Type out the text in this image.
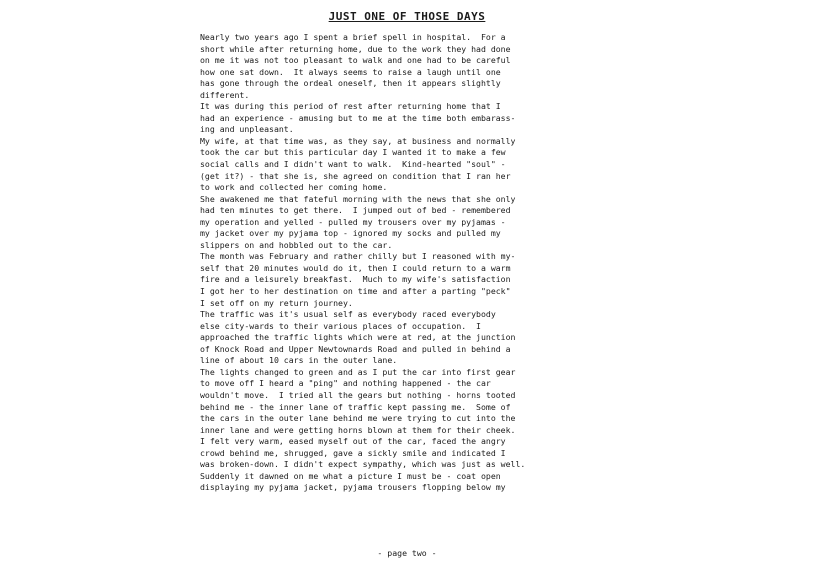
JUST ONE OF THOSE DAYS
Nearly two years ago I spent a brief spell in hospital.  For a
short while after returning home, due to the work they had done
on me it was not too pleasant to walk and one had to be careful
how one sat down.  It always seems to raise a laugh until one
has gone through the ordeal oneself, then it appears slightly
different.
It was during this period of rest after returning home that I
had an experience - amusing but to me at the time both embarass-
ing and unpleasant.
My wife, at that time was, as they say, at business and normally
took the car but this particular day I wanted it to make a few
social calls and I didn't want to walk.  Kind-hearted "soul" -
(get it?) - that she is, she agreed on condition that I ran her
to work and collected her coming home.
She awakened me that fateful morning with the news that she only
had ten minutes to get there.  I jumped out of bed - remembered
my operation and yelled - pulled my trousers over my pyjamas -
my jacket over my pyjama top - ignored my socks and pulled my
slippers on and hobbled out to the car.
The month was February and rather chilly but I reasoned with my-
self that 20 minutes would do it, then I could return to a warm
fire and a leisurely breakfast.  Much to my wife's satisfaction
I got her to her destination on time and after a parting "peck"
I set off on my return journey.
The traffic was it's usual self as everybody raced everybody
else city-wards to their various places of occupation.  I
approached the traffic lights which were at red, at the junction
of Knock Road and Upper Newtownards Road and pulled in behind a
line of about 10 cars in the outer lane.
The lights changed to green and as I put the car into first gear
to move off I heard a "ping" and nothing happened - the car
wouldn't move.  I tried all the gears but nothing - horns tooted
behind me - the inner lane of traffic kept passing me.  Some of
the cars in the outer lane behind me were trying to cut into the
inner lane and were getting horns blown at them for their cheek.
I felt very warm, eased myself out of the car, faced the angry
crowd behind me, shrugged, gave a sickly smile and indicated I
was broken-down. I didn't expect sympathy, which was just as well.
Suddenly it dawned on me what a picture I must be - coat open
displaying my pyjama jacket, pyjama trousers flopping below my
- page two -
